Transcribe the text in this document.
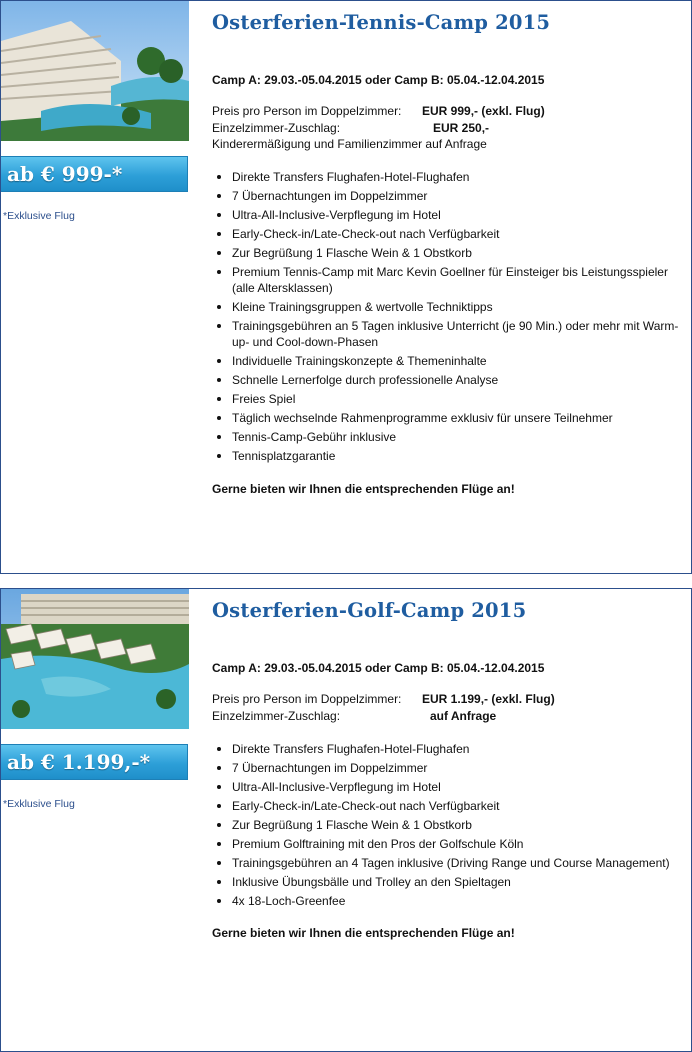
ab € 999-*
*Exklusive Flug
Osterferien-Tennis-Camp 2015
Camp A: 29.03.-05.04.2015 oder Camp B: 05.04.-12.04.2015
Preis pro Person im Doppelzimmer: EUR 999,- (exkl. Flug)
Einzelzimmer-Zuschlag:	EUR 250,-
Kinderermäßigung und Familienzimmer auf Anfrage
Direkte Transfers Flughafen-Hotel-Flughafen
7 Übernachtungen im Doppelzimmer
Ultra-All-Inclusive-Verpflegung im Hotel
Early-Check-in/Late-Check-out nach Verfügbarkeit
Zur Begrüßung 1 Flasche Wein & 1 Obstkorb
Premium Tennis-Camp mit Marc Kevin Goellner für Einsteiger bis Leistungsspieler (alle Altersklassen)
Kleine Trainingsgruppen & wertvolle Techniktipps
Trainingsgebühren an 5 Tagen inklusive Unterricht (je 90 Min.) oder mehr mit Warm-up- und Cool-down-Phasen
Individuelle Trainingskonzepte & Themeninhalte
Schnelle Lernerfolge durch professionelle Analyse
Freies Spiel
Täglich wechselnde Rahmenprogramme exklusiv für unsere Teilnehmer
Tennis-Camp-Gebühr inklusive
Tennisplatzgarantie
Gerne bieten wir Ihnen die entsprechenden Flüge an!
ab € 1.199,-*
*Exklusive Flug
Osterferien-Golf-Camp 2015
Camp A: 29.03.-05.04.2015 oder Camp B: 05.04.-12.04.2015
Preis pro Person im Doppelzimmer: EUR 1.199,- (exkl. Flug)
Einzelzimmer-Zuschlag:	auf Anfrage
Direkte Transfers Flughafen-Hotel-Flughafen
7 Übernachtungen im Doppelzimmer
Ultra-All-Inclusive-Verpflegung im Hotel
Early-Check-in/Late-Check-out nach Verfügbarkeit
Zur Begrüßung 1 Flasche Wein & 1 Obstkorb
Premium Golftraining mit den Pros der Golfschule Köln
Trainingsgebühren an 4 Tagen inklusive (Driving Range und Course Management)
Inklusive Übungsbälle und Trolley an den Spieltagen
4x 18-Loch-Greenfee
Gerne bieten wir Ihnen die entsprechenden Flüge an!
